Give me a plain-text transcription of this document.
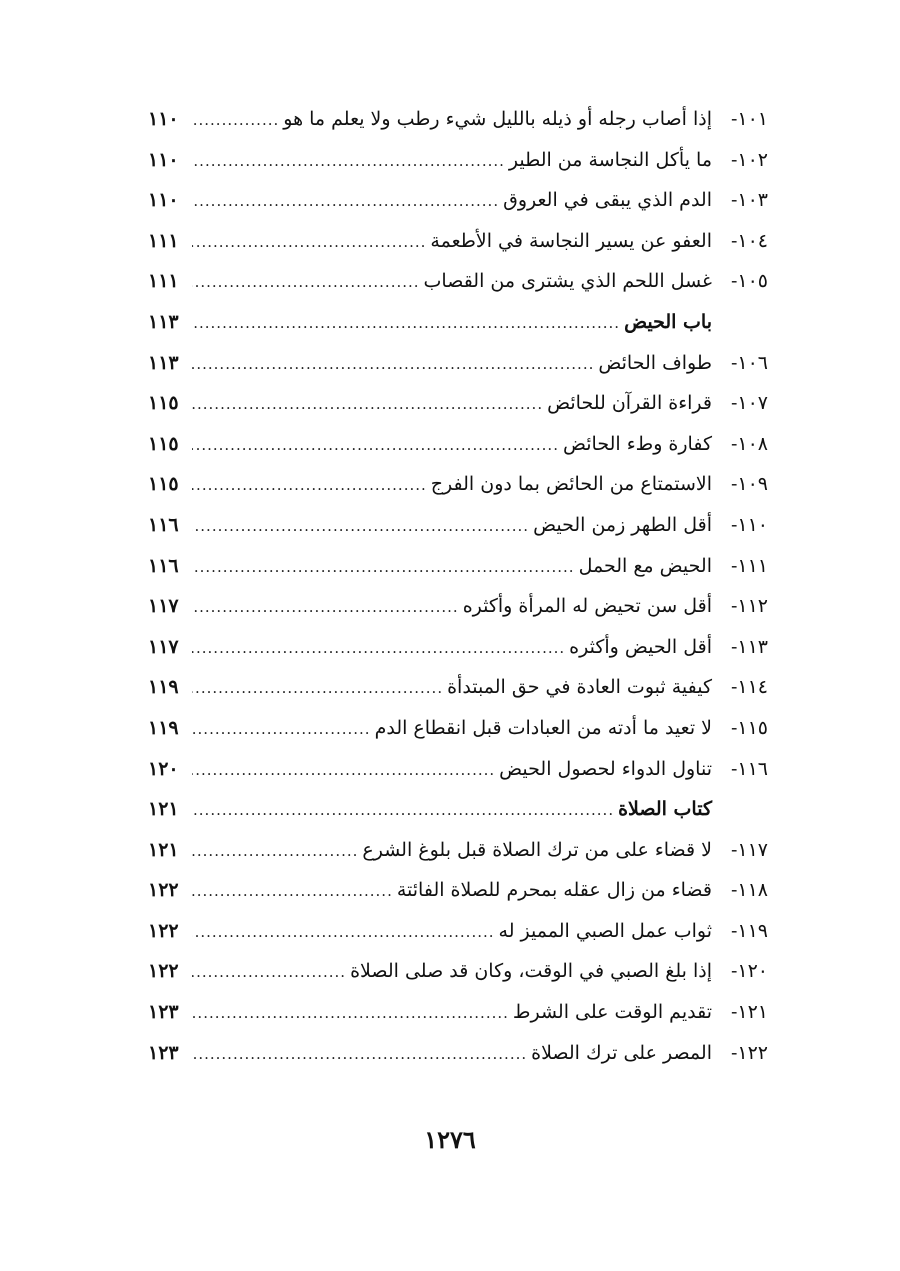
١٠١-
إذا أصاب رجله أو ذيله بالليل شيء رطب ولا يعلم ما هو
.....
١١٠
١٠٢-
ما يأكل النجاسة من الطير
.....
١١٠
١٠٣-
الدم الذي يبقى في العروق
.....
١١٠
١٠٤-
العفو عن يسير النجاسة في الأطعمة
.....
١١١
١٠٥-
غسل اللحم الذي يشترى من القصاب
.....
١١١
باب الحيض
.....
١١٣
١٠٦-
طواف الحائض
.....
١١٣
١٠٧-
قراءة القرآن للحائض
.....
١١٥
١٠٨-
كفارة وطء الحائض
.....
١١٥
١٠٩-
الاستمتاع من الحائض بما دون الفرج
.....
١١٥
١١٠-
أقل الطهر زمن الحيض
.....
١١٦
١١١-
الحيض مع الحمل
.....
١١٦
١١٢-
أقل سن تحيض له المرأة وأكثره
.....
١١٧
١١٣-
أقل الحيض وأكثره
.....
١١٧
١١٤-
كيفية ثبوت العادة في حق المبتدأة
.....
١١٩
١١٥-
لا تعيد ما أدته من العبادات قبل انقطاع الدم
.....
١١٩
١١٦-
تناول الدواء لحصول الحيض
.....
١٢٠
كتاب الصلاة
.....
١٢١
١١٧-
لا قضاء على من ترك الصلاة قبل بلوغ الشرع
.....
١٢١
١١٨-
قضاء من زال عقله بمحرم للصلاة الفائتة
.....
١٢٢
١١٩-
ثواب عمل الصبي المميز له
.....
١٢٢
١٢٠-
إذا بلغ الصبي في الوقت، وكان قد صلى الصلاة
.....
١٢٢
١٢١-
تقديم الوقت على الشرط
.....
١٢٣
١٢٢-
المصر على ترك الصلاة
.....
١٢٣
١٢٧٦
